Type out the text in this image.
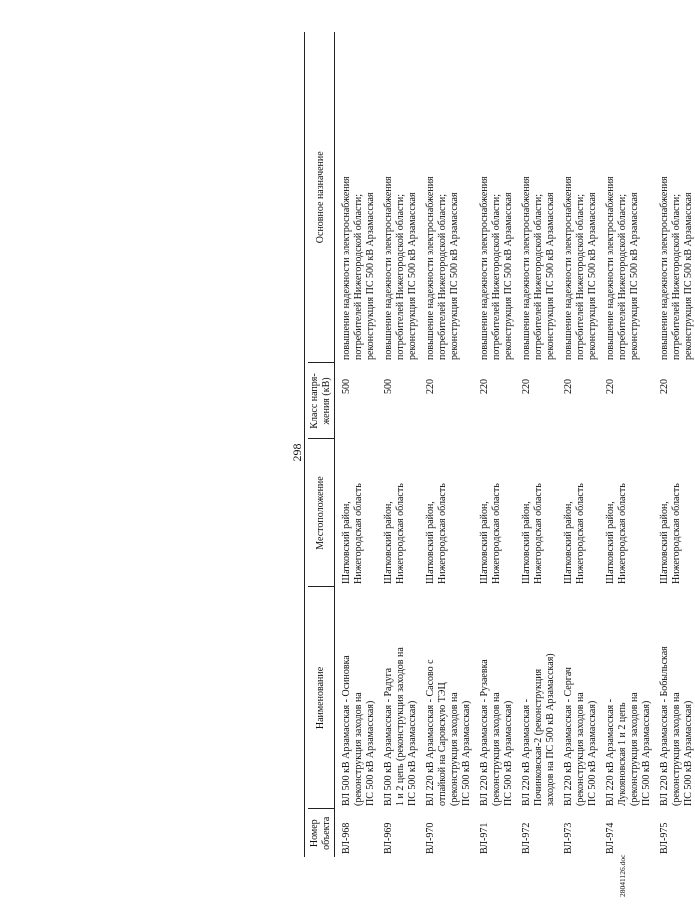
298
Номер объекта	Наименование	Местоположение	Класс напря- жения (кВ)	Основное назначение
ВЛ-968	ВЛ 500 кВ Арзамасская - Осиновка (реконструкция заходов на ПС 500 кВ Арзамасская)	Шатковский район, Нижегородская область	500	повышение надежности электроснабжения потребителей Нижегородской области; реконструкция ПС 500 кВ Арзамасская

ВЛ-969	ВЛ 500 кВ Арзамасская - Радуга 1 и 2 цепь (реконструкция заходов на ПС 500 кВ Арзамасская)	Шатковский район, Нижегородская область	500	повышение надежности электроснабжения потребителей Нижегородской области; реконструкция ПС 500 кВ Арзамасская

ВЛ-970	ВЛ 220 кВ Арзамасская - Сасово с отпайкой на Саровскую ТЭЦ (реконструкция заходов на ПС 500 кВ Арзамасская)	Шатковский район, Нижегородская область	220	повышение надежности электроснабжения потребителей Нижегородской области; реконструкция ПС 500 кВ Арзамасская

ВЛ-971	ВЛ 220 кВ Арзамасская - Рузаевка (реконструкция заходов на ПС 500 кВ Арзамасская)	Шатковский район, Нижегородская область	220	повышение надежности электроснабжения потребителей Нижегородской области; реконструкция ПС 500 кВ Арзамасская

ВЛ-972	ВЛ 220 кВ Арзамасская - Починковская-2 (реконструкция заходов на ПС 500 кВ Арзамасская)	Шатковский район, Нижегородская область	220	повышение надежности электроснабжения потребителей Нижегородской области; реконструкция ПС 500 кВ Арзамасская

ВЛ-973	ВЛ 220 кВ Арзамасская - Сергач (реконструкция заходов на ПС 500 кВ Арзамасская)	Шатковский район, Нижегородская область	220	повышение надежности электроснабжения потребителей Нижегородской области; реконструкция ПС 500 кВ Арзамасская

ВЛ-974	ВЛ 220 кВ Арзамасская - Лукояновская 1 и 2 цепь (реконструкция заходов на ПС 500 кВ Арзамасская)	Шатковский район, Нижегородская область	220	повышение надежности электроснабжения потребителей Нижегородской области; реконструкция ПС 500 кВ Арзамасская

ВЛ-975	ВЛ 220 кВ Арзамасская - Бобыльская (реконструкция заходов на ПС 500 кВ Арзамасская)	Шатковский район, Нижегородская область	220	повышение надежности электроснабжения потребителей Нижегородской области; реконструкция ПС 500 кВ Арзамасская
28041126.doc
